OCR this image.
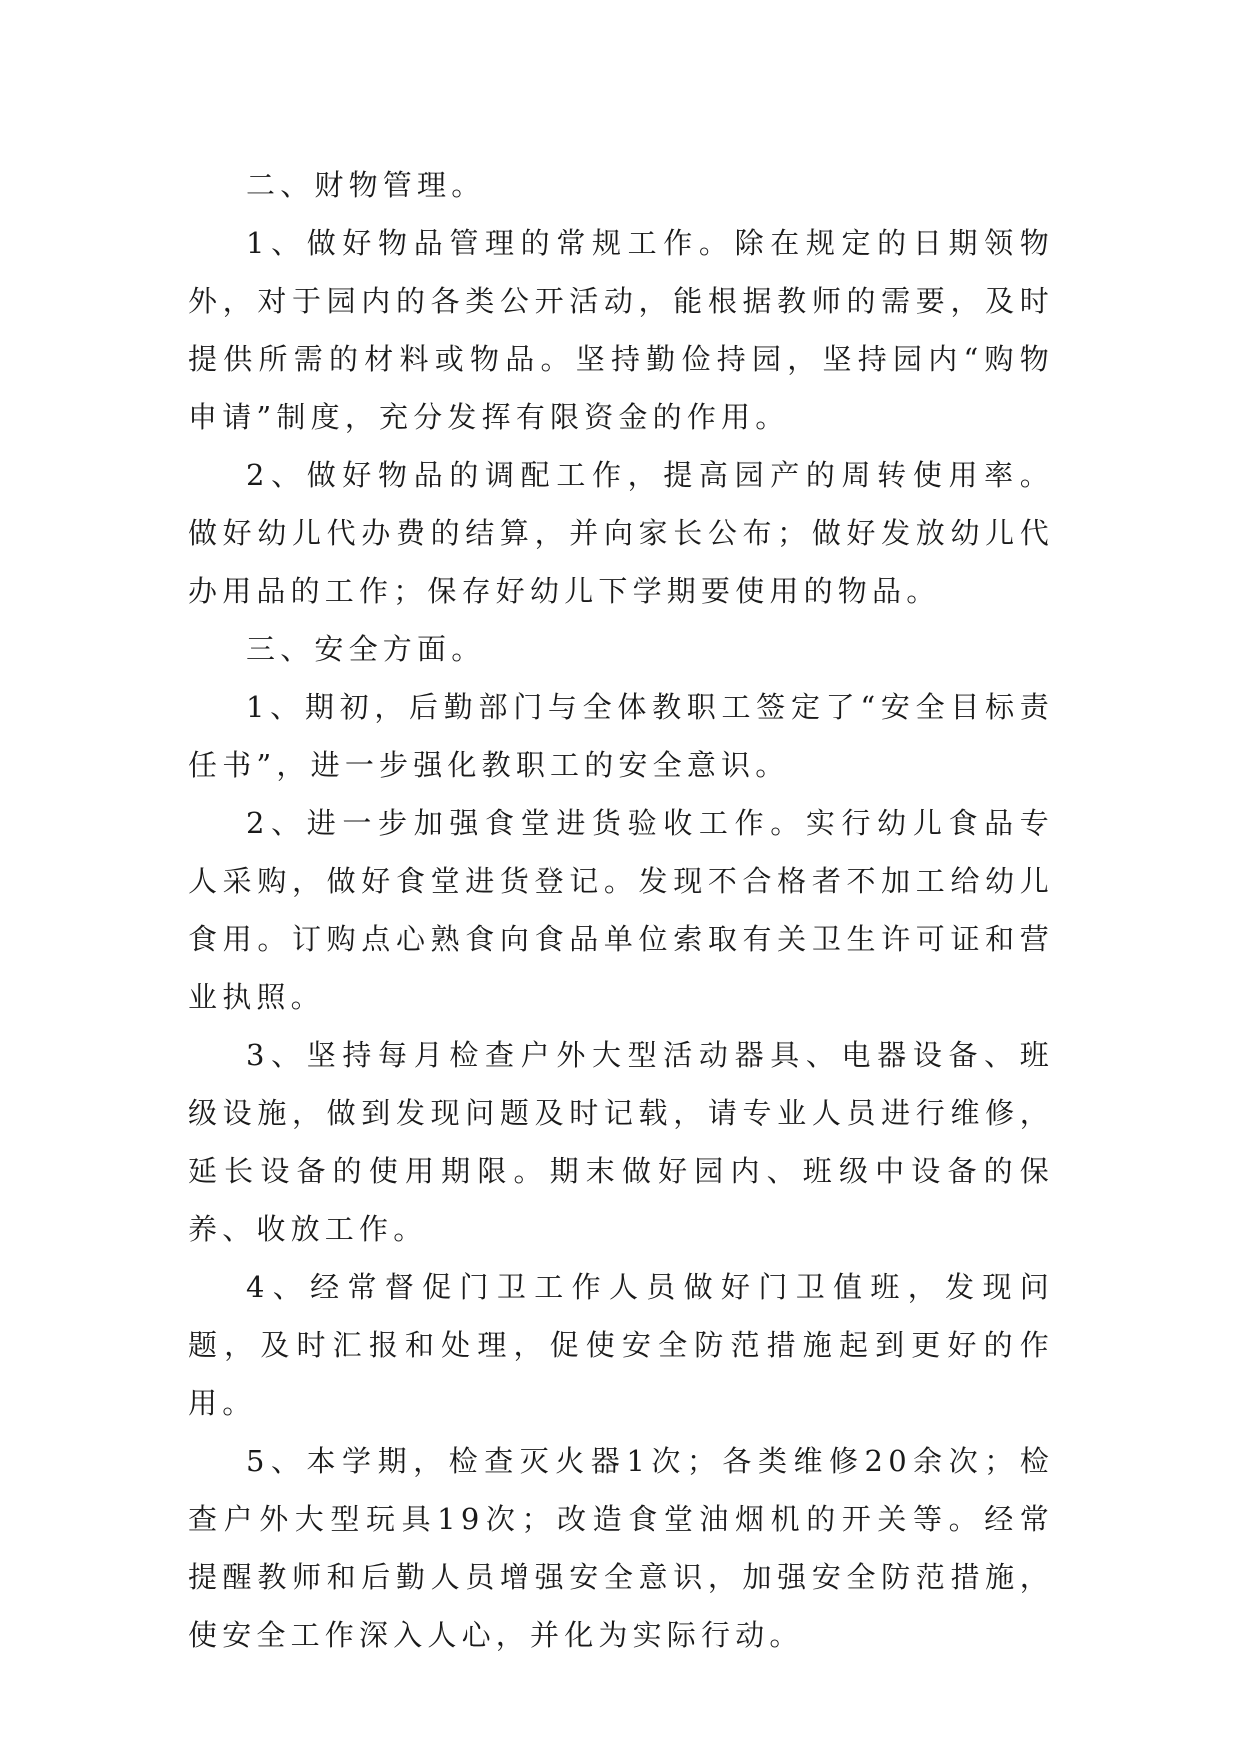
二、财物管理。

1、做好物品管理的常规工作。除在规定的日期领物外，对于园内的各类公开活动，能根据教师的需要，及时提供所需的材料或物品。坚持勤俭持园，坚持园内“购物申请”制度，充分发挥有限资金的作用。

2、做好物品的调配工作，提高园产的周转使用率。做好幼儿代办费的结算，并向家长公布；做好发放幼儿代办用品的工作；保存好幼儿下学期要使用的物品。

三、安全方面。

1、期初，后勤部门与全体教职工签定了“安全目标责任书”，进一步强化教职工的安全意识。

2、进一步加强食堂进货验收工作。实行幼儿食品专人采购，做好食堂进货登记。发现不合格者不加工给幼儿食用。订购点心熟食向食品单位索取有关卫生许可证和营业执照。

3、坚持每月检查户外大型活动器具、电器设备、班级设施，做到发现问题及时记载，请专业人员进行维修，延长设备的使用期限。期末做好园内、班级中设备的保养、收放工作。

4、经常督促门卫工作人员做好门卫值班，发现问题，及时汇报和处理，促使安全防范措施起到更好的作用。

5、本学期，检查灭火器1次；各类维修20余次；检查户外大型玩具19次；改造食堂油烟机的开关等。经常提醒教师和后勤人员增强安全意识，加强安全防范措施，使安全工作深入人心，并化为实际行动。
